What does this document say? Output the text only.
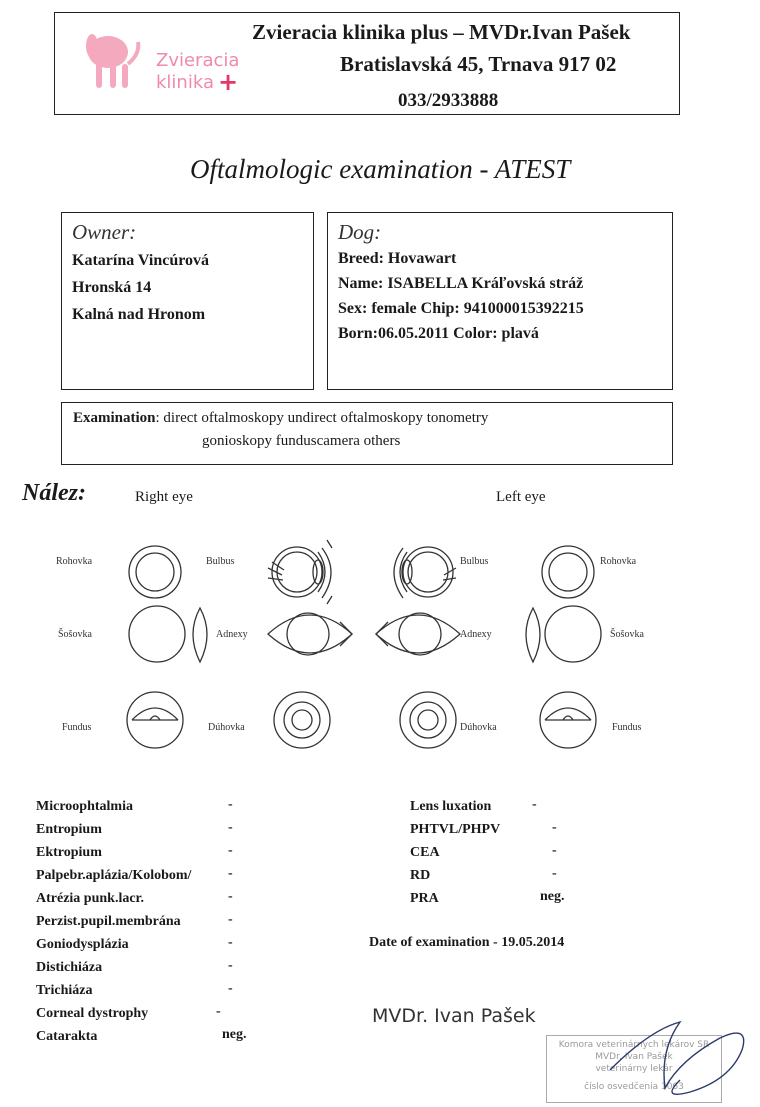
Zvieracia
klinika +
Zvieracia klinika plus – MVDr.Ivan Pašek
Bratislavská 45, Trnava 917 02
033/2933888
Oftalmologic examination - ATEST
Owner:
Katarína Vincúrová
Hronská 14
Kalná nad Hronom
Dog:
Breed: Hovawart
Name: ISABELLA Kráľovská stráž
Sex: female Chip: 941000015392215
Born:06.05.2011 Color: plavá
Examination: direct oftalmoskopy undirect oftalmoskopy tonometry
gonioskopy funduscamera others
Nález:	Right eye	Left eye
Rohovka	Bulbus	Bulbus	Rohovka
Šošovka	Adnexy	Adnexy	Šošovka
Fundus	Dúhovka	Dúhovka	Fundus
Microophtalmia	-
Entropium	-
Ektropium	-
Palpebr.aplázia/Kolobom/	-
Atrézia punk.lacr.	-
Perzist.pupil.membrána	-
Goniodysplázia	-
Distichiáza	-
Trichiáza	-
Corneal dystrophy	-
Catarakta	neg.
Lens luxation	-
PHTVL/PHPV	-
CEA	-
RD	-
PRA	neg.
Date of examination - 19.05.2014
MVDr. Ivan Pašek
Komora veterinárnych lekárov SR
MVDr. Ivan Pašek
veterinárny lekár
číslo osvedčenia 1063
